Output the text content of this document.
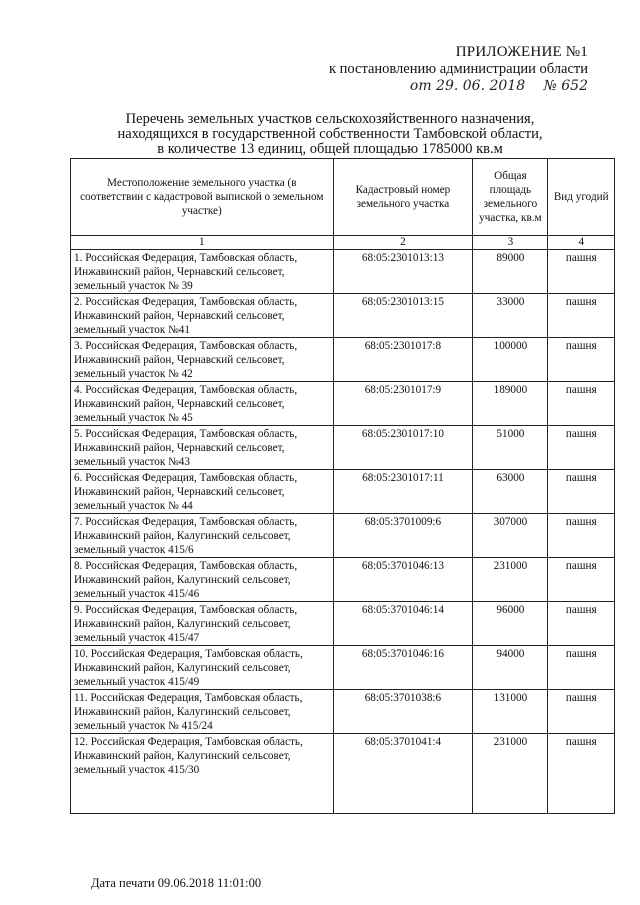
ПРИЛОЖЕНИЕ №1
к постановлению администрации области
от 29. 06. 2018 № 652
Перечень земельных участков сельскохозяйственного назначения,
находящихся в государственной собственности Тамбовской области,
в количестве 13 единиц, общей площадью 1785000 кв.м
Местоположение земельного участка (в соответствии с кадастровой выпиской о земельном участке)	Кадастровый номер земельного участка	Общая площадь земельного участка, кв.м	Вид угодий
1	2	3	4
1. Российская Федерация, Тамбовская область, Инжавинский район, Чернавский сельсовет, земельный участок № 39	68:05:2301013:13	89000	пашня
2. Российская Федерация, Тамбовская область, Инжавинский район, Чернавский сельсовет, земельный участок №41	68:05:2301013:15	33000	пашня
3. Российская Федерация, Тамбовская область, Инжавинский район, Чернавский сельсовет, земельный участок № 42	68:05:2301017:8	100000	пашня
4. Российская Федерация, Тамбовская область, Инжавинский район, Чернавский сельсовет, земельный участок № 45	68:05:2301017:9	189000	пашня
5. Российская Федерация, Тамбовская область, Инжавинский район, Чернавский сельсовет, земельный участок №43	68:05:2301017:10	51000	пашня
6. Российская Федерация, Тамбовская область, Инжавинский район, Чернавский сельсовет, земельный участок № 44	68:05:2301017:11	63000	пашня
7. Российская Федерация, Тамбовская область, Инжавинский район, Калугинский сельсовет, земельный участок 415/6	68:05:3701009:6	307000	пашня
8. Российская Федерация, Тамбовская область, Инжавинский район, Калугинский сельсовет, земельный участок 415/46	68:05:3701046:13	231000	пашня
9. Российская Федерация, Тамбовская область, Инжавинский район, Калугинский сельсовет, земельный участок 415/47	68:05:3701046:14	96000	пашня
10. Российская Федерация, Тамбовская область, Инжавинский район, Калугинский сельсовет, земельный участок 415/49	68:05:3701046:16	94000	пашня
11. Российская Федерация, Тамбовская область, Инжавинский район, Калугинский сельсовет, земельный участок № 415/24	68:05:3701038:6	131000	пашня
12. Российская Федерация, Тамбовская область, Инжавинский район, Калугинский сельсовет, земельный участок 415/30	68:05:3701041:4	231000	пашня
Дата печати 09.06.2018 11:01:00
